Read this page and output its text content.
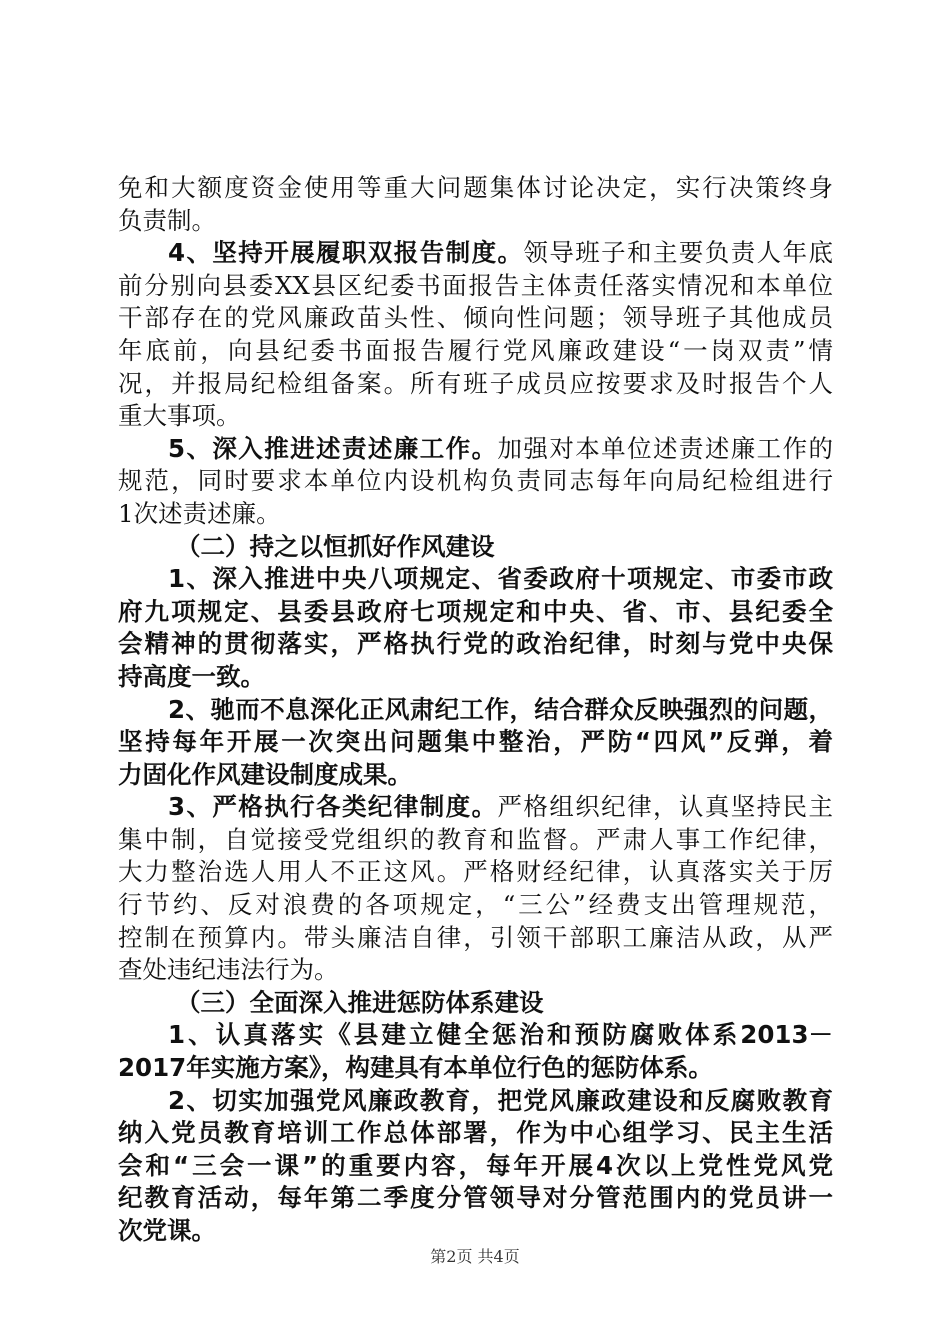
免和大额度资金使用等重大问题集体讨论决定，实行决策终身
负责制。
4、坚持开展履职双报告制度。领导班子和主要负责人年底
前分别向县委XX县区纪委书面报告主体责任落实情况和本单位
干部存在的党风廉政苗头性、倾向性问题；领导班子其他成员
年底前，向县纪委书面报告履行党风廉政建设“一岗双责”情
况，并报局纪检组备案。所有班子成员应按要求及时报告个人
重大事项。
5、深入推进述责述廉工作。加强对本单位述责述廉工作的
规范，同时要求本单位内设机构负责同志每年向局纪检组进行
1次述责述廉。
（二）持之以恒抓好作风建设
1、深入推进中央八项规定、省委政府十项规定、市委市政
府九项规定、县委县政府七项规定和中央、省、市、县纪委全
会精神的贯彻落实，严格执行党的政治纪律，时刻与党中央保
持高度一致。
2、驰而不息深化正风肃纪工作，结合群众反映强烈的问题，
坚持每年开展一次突出问题集中整治，严防“四风”反弹，着
力固化作风建设制度成果。
3、严格执行各类纪律制度。严格组织纪律，认真坚持民主
集中制，自觉接受党组织的教育和监督。严肃人事工作纪律，
大力整治选人用人不正这风。严格财经纪律，认真落实关于厉
行节约、反对浪费的各项规定，“三公”经费支出管理规范，
控制在预算内。带头廉洁自律，引领干部职工廉洁从政，从严
查处违纪违法行为。
（三）全面深入推进惩防体系建设
1、认真落实《县建立健全惩治和预防腐败体系2013－
2017年实施方案》，构建具有本单位行色的惩防体系。
2、切实加强党风廉政教育，把党风廉政建设和反腐败教育
纳入党员教育培训工作总体部署，作为中心组学习、民主生活
会和“三会一课”的重要内容，每年开展4次以上党性党风党
纪教育活动，每年第二季度分管领导对分管范围内的党员讲一
次党课。
第2页 共4页
